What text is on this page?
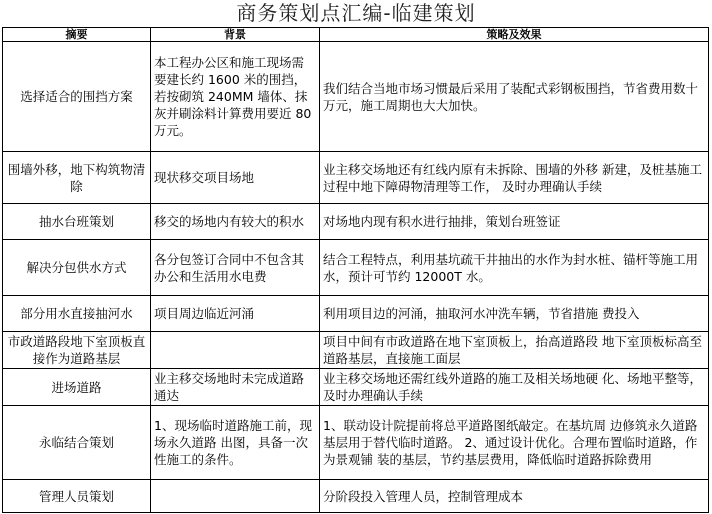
商务策划点汇编-临建策划
摘要	背景	策略及效果
选择适合的围挡方案	本工程办公区和施工现场需要建长约 1600 米的围挡，若按砌筑 240MM 墙体、抹灰并刷涂料计算费用要近 80 万元。	我们结合当地市场习惯最后采用了装配式彩钢板围挡，节省费用数十万元，施工周期也大大加快。
围墙外移，地下构筑物清 除	现状移交项目场地	业主移交场地还有红线内原有未拆除、围墙的外移 新建，及桩基施工过程中地下障碍物清理等工作， 及时办理确认手续
抽水台班策划	移交的场地内有较大的积水	对场地内现有积水进行抽排，策划台班签证
解决分包供水方式	各分包签订合同中不包含其办公和生活用水电费	结合工程特点，利用基坑疏干井抽出的水作为封水桩、锚杆等施工用水，预计可节约 12000T 水。
部分用水直接抽河水	项目周边临近河涌	利用项目边的河涌，抽取河水冲洗车辆，节省措施 费投入
市政道路段地下室顶板直接作为道路基层		项目中间有市政道路在地下室顶板上，抬高道路段 地下室顶板标高至道路基层，直接施工面层
进场道路	业主移交场地时未完成道路通达	业主移交场地还需红线外道路的施工及相关场地硬 化、场地平整等，及时办理确认手续
永临结合策划	1、现场临时道路施工前，现场永久道路 出图，具备一次性施工的条件。	1、联动设计院提前将总平道路图纸敲定。在基坑周 边修筑永久道路基层用于替代临时道路。 2、通过设计优化。合理布置临时道路，作为景观铺 装的基层，节约基层费用，降低临时道路拆除费用
管理人员策划		分阶段投入管理人员，控制管理成本
